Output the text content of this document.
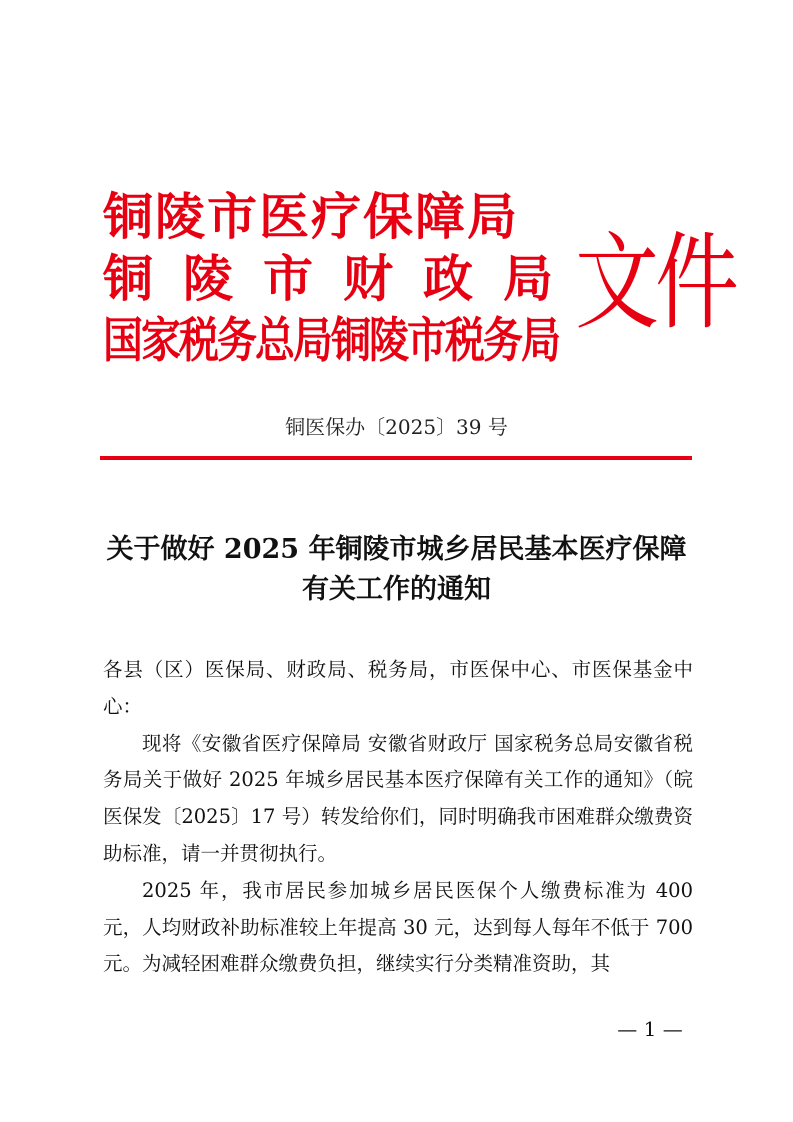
铜陵市医疗保障局
铜陵市财政局
国家税务总局铜陵市税务局 文件
铜医保办〔2025〕39 号
关于做好 2025 年铜陵市城乡居民基本医疗保障
有关工作的通知

各县（区）医保局、财政局、税务局，市医保中心、市医保基金中心：

现将《安徽省医疗保障局 安徽省财政厅 国家税务总局安徽省税务局关于做好 2025 年城乡居民基本医疗保障有关工作的通知》（皖医保发〔2025〕17 号）转发给你们，同时明确我市困难群众缴费资助标准，请一并贯彻执行。

2025 年，我市居民参加城乡居民医保个人缴费标准为 400 元，人均财政补助标准较上年提高 30 元，达到每人每年不低于 700 元。为减轻困难群众缴费负担，继续实行分类精准资助，其

— 1 —
